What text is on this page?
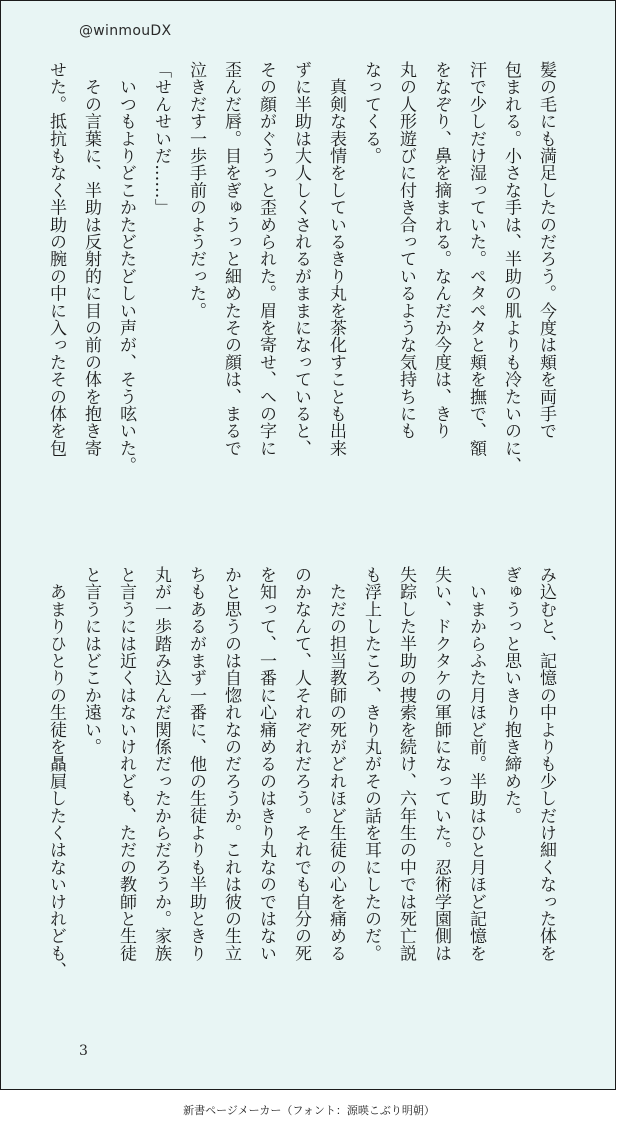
@winmouDX
髪の毛にも満足したのだろう。今度は頬を両手で
包まれる。小さな手は、半助の肌よりも冷たいのに、
汗で少しだけ湿っていた。ペタペタと頬を撫で、額
をなぞり、鼻を摘まれる。なんだか今度は、きり
丸の人形遊びに付き合っているような気持ちにも
なってくる。
　真剣な表情をしているきり丸を茶化すことも出来
ずに半助は大人しくされるがままになっていると、
その顔がぐうっと歪められた。眉を寄せ、への字に
歪んだ唇。目をぎゅうっと細めたその顔は、まるで
泣きだす一歩手前のようだった。
「せんせいだ……」
　いつもよりどこかたどたどしい声が、そう呟いた。
　その言葉に、半助は反射的に目の前の体を抱き寄
せた。抵抗もなく半助の腕の中に入ったその体を包
み込むと、記憶の中よりも少しだけ細くなった体を
ぎゅうっと思いきり抱き締めた。
　いまからふた月ほど前。半助はひと月ほど記憶を
失い、ドクタケの軍師になっていた。忍術学園側は
失踪した半助の捜索を続け、六年生の中では死亡説
も浮上したころ、きり丸がその話を耳にしたのだ。
　ただの担当教師の死がどれほど生徒の心を痛める
のかなんて、人それぞれだろう。それでも自分の死
を知って、一番に心痛めるのはきり丸なのではない
かと思うのは自惚れなのだろうか。これは彼の生立
ちもあるがまず一番に、他の生徒よりも半助ときり
丸が一歩踏み込んだ関係だったからだろうか。家族
と言うには近くはないけれども、ただの教師と生徒
と言うにはどこか遠い。
　あまりひとりの生徒を贔屓したくはないけれども、
3
新書ページメーカー（フォント：源暎こぶり明朝）
